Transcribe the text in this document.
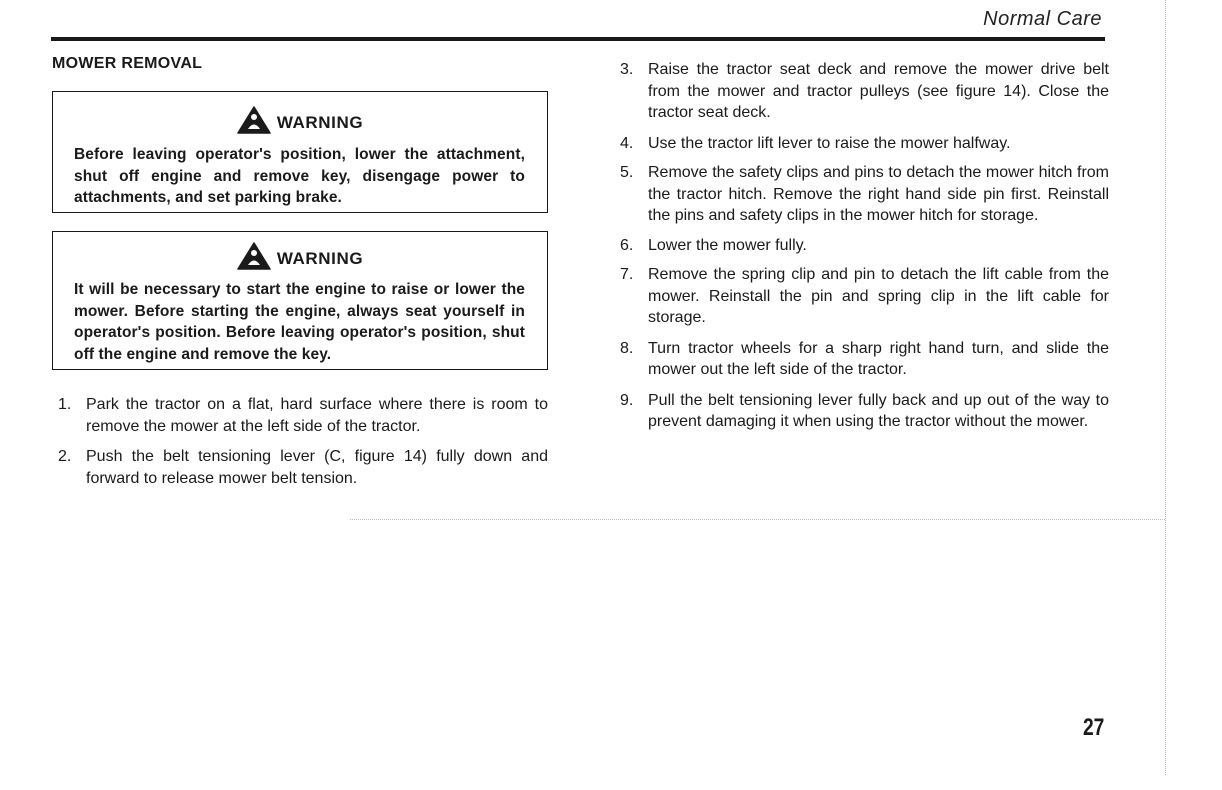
Normal Care
MOWER REMOVAL
WARNING
Before leaving operator's position, lower the attachment, shut off engine and remove key, disengage power to attachments, and set parking brake.
WARNING
It will be necessary to start the engine to raise or lower the mower. Before starting the engine, always seat yourself in operator's position. Before leaving operator's position, shut off the engine and remove the key.
1. Park the tractor on a flat, hard surface where there is room to remove the mower at the left side of the tractor.
2. Push the belt tensioning lever (C, figure 14) fully down and forward to release mower belt tension.
3. Raise the tractor seat deck and remove the mower drive belt from the mower and tractor pulleys (see figure 14). Close the tractor seat deck.
4. Use the tractor lift lever to raise the mower halfway.
5. Remove the safety clips and pins to detach the mower hitch from the tractor hitch. Remove the right hand side pin first. Reinstall the pins and safety clips in the mower hitch for storage.
6. Lower the mower fully.
7. Remove the spring clip and pin to detach the lift cable from the mower. Reinstall the pin and spring clip in the lift cable for storage.
8. Turn tractor wheels for a sharp right hand turn, and slide the mower out the left side of the tractor.
9. Pull the belt tensioning lever fully back and up out of the way to prevent damaging it when using the tractor without the mower.
27
